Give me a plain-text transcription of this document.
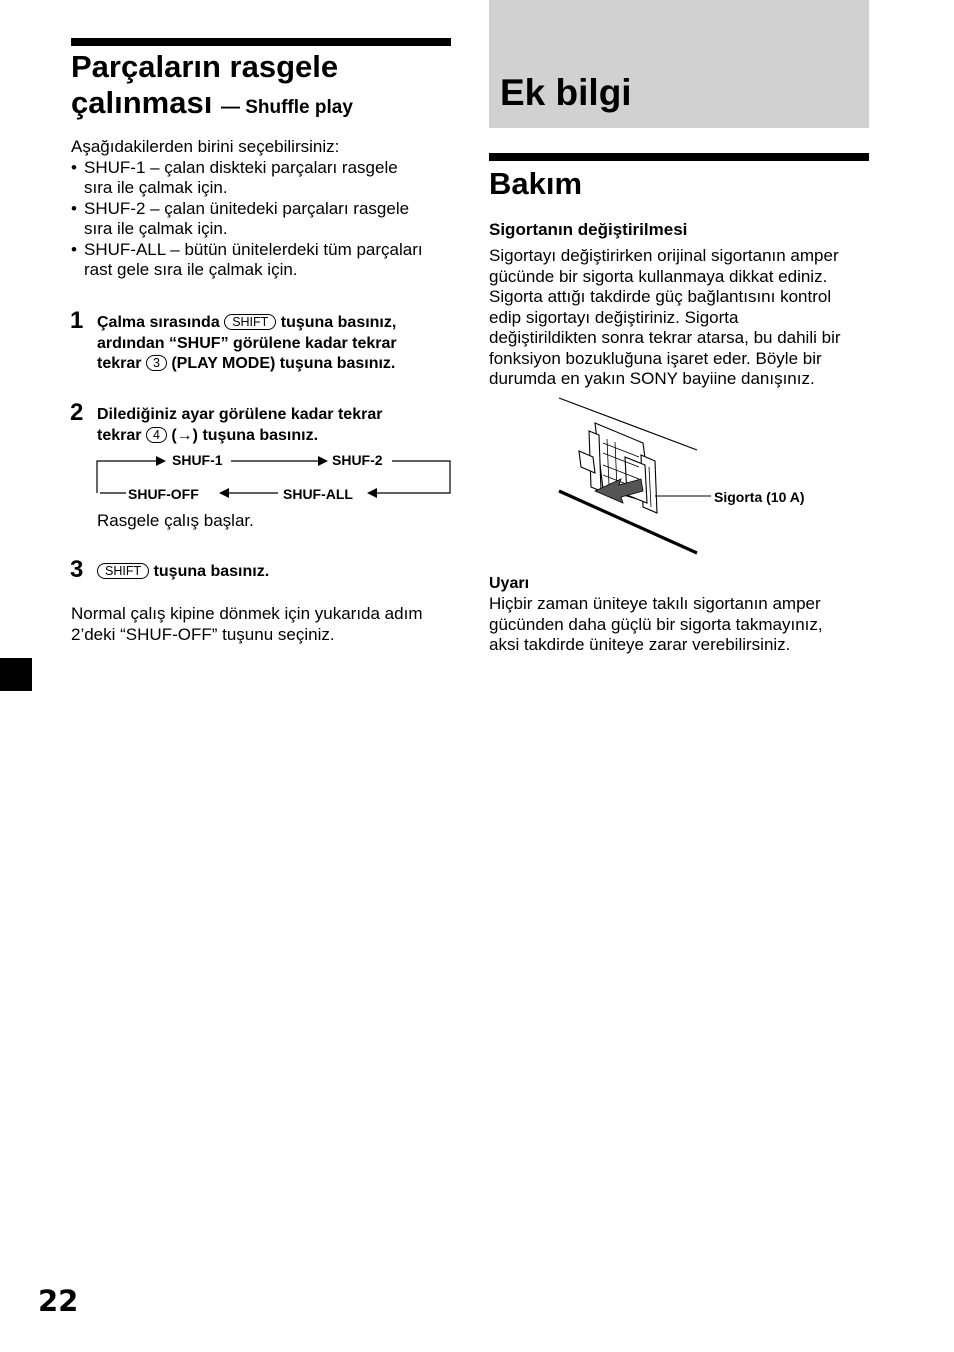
Parçaların rasgele
çalınması — Shuffle play
Aşağıdakilerden birini seçebilirsiniz:
• SHUF-1 – çalan diskteki parçaları rasgele
sıra ile çalmak için.
• SHUF-2 – çalan ünitedeki parçaları rasgele
sıra ile çalmak için.
• SHUF-ALL – bütün ünitelerdeki tüm parçaları
rast gele sıra ile çalmak için.
1 Çalma sırasında SHIFT tuşuna basınız,
ardından “SHUF” görülene kadar tekrar
tekrar 3 (PLAY MODE) tuşuna basınız.
2 Dilediğiniz ayar görülene kadar tekrar
tekrar 4 (→) tuşuna basınız.
SHUF-1	SHUF-2
SHUF-OFF	SHUF-ALL
Rasgele çalış başlar.
3	SHIFT tuşuna basınız.
Normal çalış kipine dönmek için yukarıda adım
2’deki “SHUF-OFF” tuşunu seçiniz.
Ek bilgi
Bakım
Sigortanın değiştirilmesi
Sigortayı değiştirirken orijinal sigortanın amper
gücünde bir sigorta kullanmaya dikkat ediniz.
Sigorta attığı takdirde güç bağlantısını kontrol
edip sigortayı değiştiriniz. Sigorta
değiştirildikten sonra tekrar atarsa, bu dahili bir
fonksiyon bozukluğuna işaret eder. Böyle bir
durumda en yakın SONY bayiine danışınız.
Sigorta (10 A)
Uyarı
Hiçbir zaman üniteye takılı sigortanın amper
gücünden daha güçlü bir sigorta takmayınız,
aksi takdirde üniteye zarar verebilirsiniz.
22
